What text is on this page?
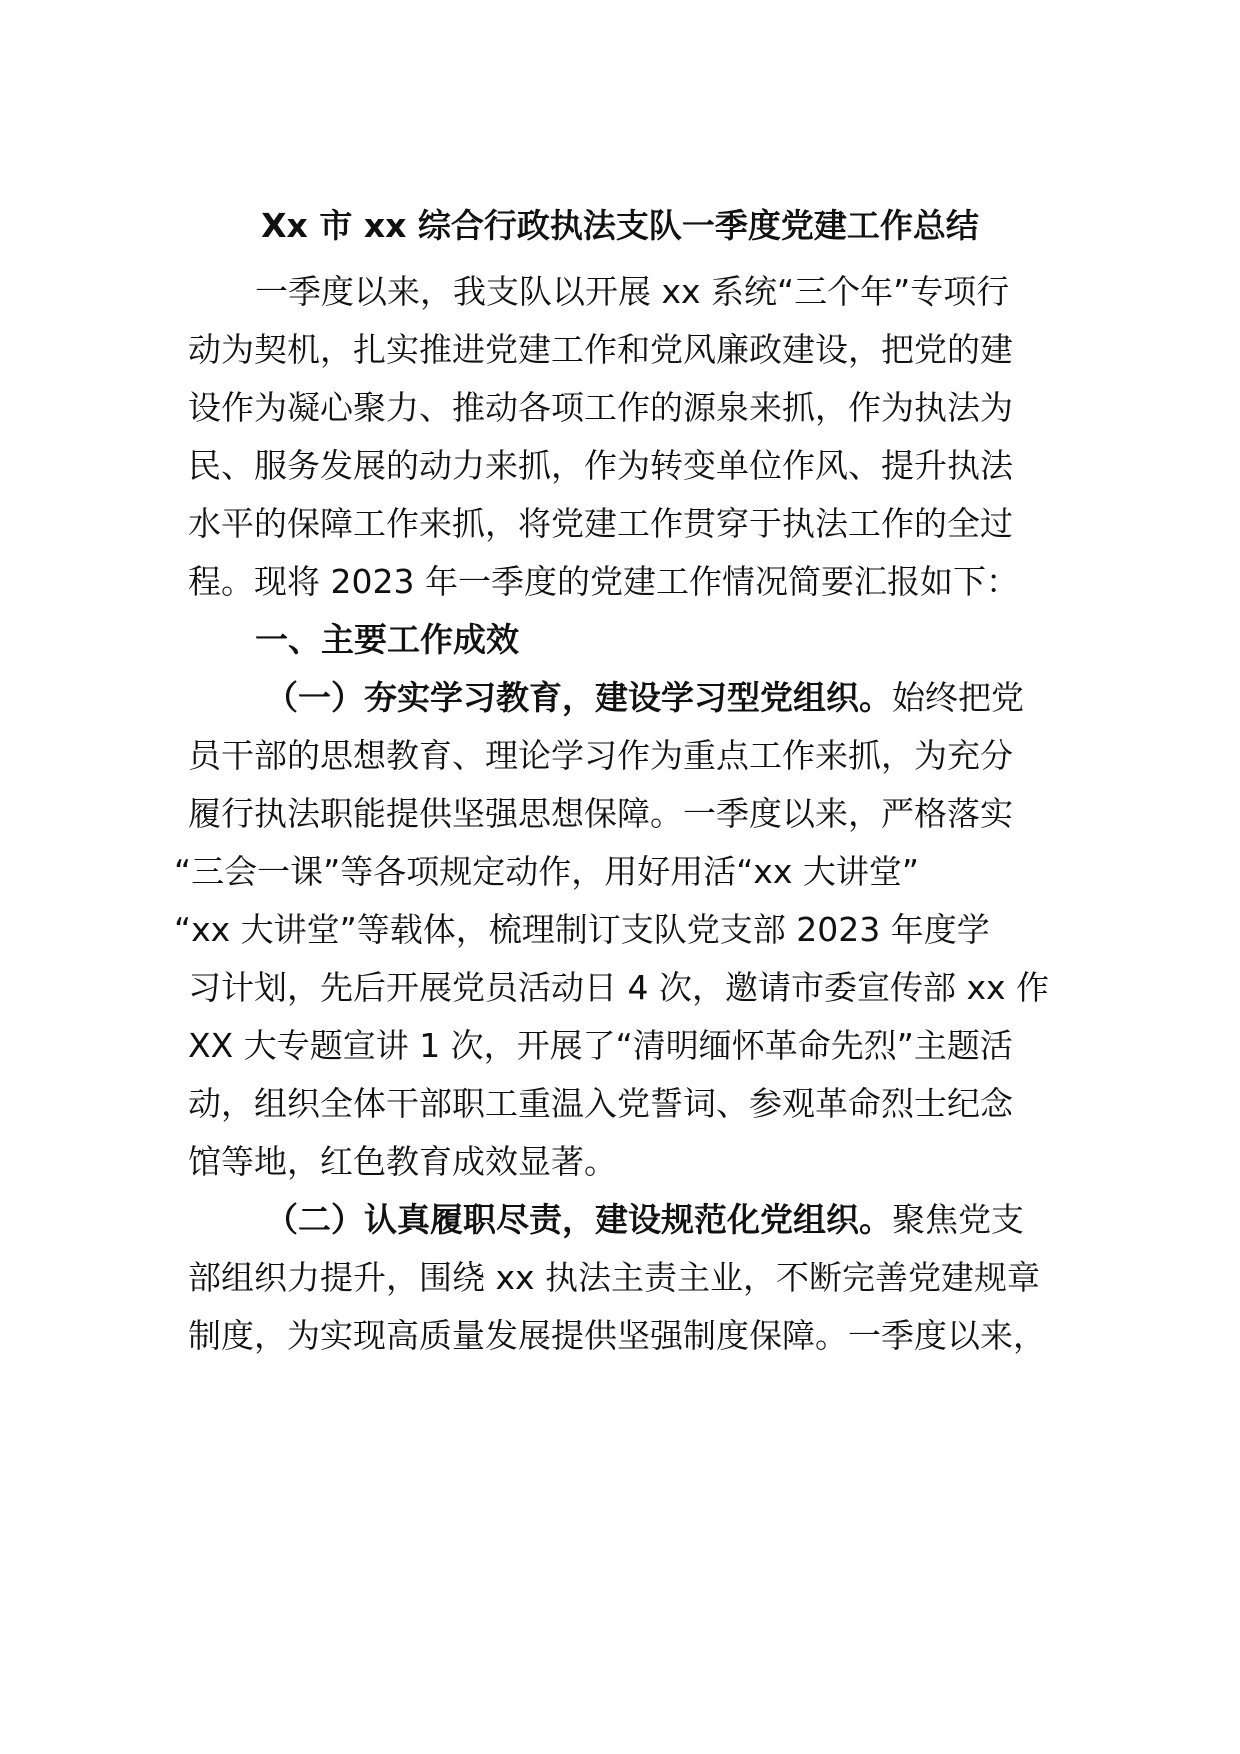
Xx 市 xx 综合行政执法支队一季度党建工作总结

一季度以来，我支队以开展 xx 系统“三个年”专项行

动为契机，扎实推进党建工作和党风廉政建设，把党的建

设作为凝心聚力、推动各项工作的源泉来抓，作为执法为

民、服务发展的动力来抓，作为转变单位作风、提升执法

水平的保障工作来抓，将党建工作贯穿于执法工作的全过

程。现将 2023 年一季度的党建工作情况简要汇报如下：

一、主要工作成效

（一）夯实学习教育，建设学习型党组织。始终把党

员干部的思想教育、理论学习作为重点工作来抓，为充分

履行执法职能提供坚强思想保障。一季度以来，严格落实

“三会一课”等各项规定动作，用好用活“xx 大讲堂”

“xx 大讲堂”等载体，梳理制订支队党支部 2023 年度学

习计划，先后开展党员活动日 4 次，邀请市委宣传部 xx 作

XX 大专题宣讲 1 次，开展了“清明缅怀革命先烈”主题活

动，组织全体干部职工重温入党誓词、参观革命烈士纪念

馆等地，红色教育成效显著。

（二）认真履职尽责，建设规范化党组织。聚焦党支

部组织力提升，围绕 xx 执法主责主业，不断完善党建规章

制度，为实现高质量发展提供坚强制度保障。一季度以来，
